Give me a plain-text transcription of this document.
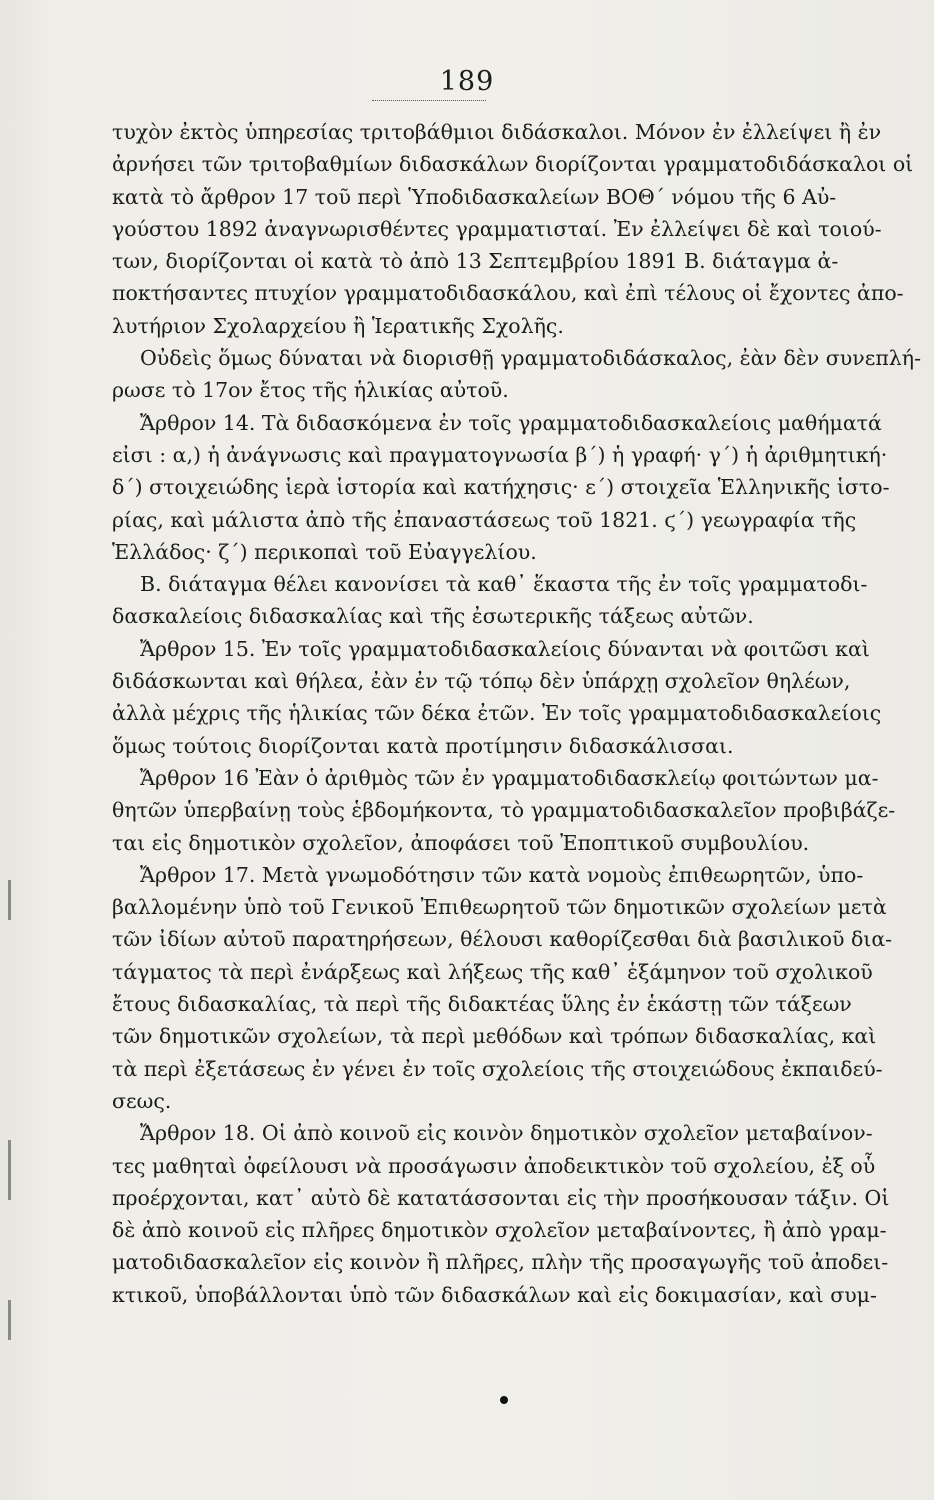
189
τυχὸν ἐκτὸς ὑπηρεσίας τριτοβάθμιοι διδάσκαλοι. Μόνον ἐν ἐλλείψει ἢ ἐν
ἀρνήσει τῶν τριτοβαθμίων διδασκάλων διορίζονται γραμματοδιδάσκαλοι οἱ
κατὰ τὸ ἄρθρον 17 τοῦ περὶ Ὑποδιδασκαλείων ΒΟΘ΄ νόμου τῆς 6 Αὐ-
γούστου 1892 ἀναγνωρισθέντες γραμματισταί. Ἐν ἐλλείψει δὲ καὶ τοιού-
των, διορίζονται οἱ κατὰ τὸ ἀπὸ 13 Σεπτεμβρίου 1891 Β. διάταγμα ἀ-
ποκτήσαντες πτυχίον γραμματοδιδασκάλου, καὶ ἐπὶ τέλους οἱ ἔχοντες ἀπο-
λυτήριον Σχολαρχείου ἢ Ἱερατικῆς Σχολῆς.
Οὐδεὶς ὅμως δύναται νὰ διορισθῇ γραμματοδιδάσκαλος, ἐὰν δὲν συνεπλή-
ρωσε τὸ 17ον ἔτος τῆς ἡλικίας αὐτοῦ.
Ἄρθρον 14. Τὰ διδασκόμενα ἐν τοῖς γραμματοδιδασκαλείοις μαθήματά
εἰσι : α,) ἡ ἀνάγνωσις καὶ πραγματογνωσία β΄) ἡ γραφή· γ΄) ἡ ἀριθμητική·
δ΄) στοιχειώδης ἱερὰ ἱστορία καὶ κατήχησις· ε΄) στοιχεῖα Ἑλληνικῆς ἱστο-
ρίας, καὶ μάλιστα ἀπὸ τῆς ἐπαναστάσεως τοῦ 1821. ϛ΄) γεωγραφία τῆς
Ἑλλάδος· ζ΄) περικοπαὶ τοῦ Εὐαγγελίου.
Β. διάταγμα θέλει κανονίσει τὰ καθ᾽ ἕκαστα τῆς ἐν τοῖς γραμματοδι-
δασκαλείοις διδασκαλίας καὶ τῆς ἐσωτερικῆς τάξεως αὐτῶν.
Ἄρθρον 15. Ἐν τοῖς γραμματοδιδασκαλείοις δύνανται νὰ φοιτῶσι καὶ
διδάσκωνται καὶ θήλεα, ἐὰν ἐν τῷ τόπῳ δὲν ὑπάρχῃ σχολεῖον θηλέων,
ἀλλὰ μέχρις τῆς ἡλικίας τῶν δέκα ἐτῶν. Ἐν τοῖς γραμματοδιδασκαλείοις
ὅμως τούτοις διορίζονται κατὰ προτίμησιν διδασκάλισσαι.
Ἄρθρον 16 Ἐὰν ὁ ἀριθμὸς τῶν ἐν γραμματοδιδασκλείῳ φοιτώντων μα-
θητῶν ὑπερβαίνῃ τοὺς ἑβδομήκοντα, τὸ γραμματοδιδασκαλεῖον προβιβάζε-
ται εἰς δημοτικὸν σχολεῖον, ἀποφάσει τοῦ Ἐποπτικοῦ συμβουλίου.
Ἄρθρον 17. Μετὰ γνωμοδότησιν τῶν κατὰ νομοὺς ἐπιθεωρητῶν, ὑπο-
βαλλομένην ὑπὸ τοῦ Γενικοῦ Ἐπιθεωρητοῦ τῶν δημοτικῶν σχολείων μετὰ
τῶν ἰδίων αὐτοῦ παρατηρήσεων, θέλουσι καθορίζεσθαι διὰ βασιλικοῦ δια-
τάγματος τὰ περὶ ἐνάρξεως καὶ λήξεως τῆς καθ᾽ ἑξάμηνον τοῦ σχολικοῦ
ἔτους διδασκαλίας, τὰ περὶ τῆς διδακτέας ὕλης ἐν ἑκάστῃ τῶν τάξεων
τῶν δημοτικῶν σχολείων, τὰ περὶ μεθόδων καὶ τρόπων διδασκαλίας, καὶ
τὰ περὶ ἐξετάσεως ἐν γένει ἐν τοῖς σχολείοις τῆς στοιχειώδους ἐκπαιδεύ-
σεως.
Ἄρθρον 18. Οἱ ἀπὸ κοινοῦ εἰς κοινὸν δημοτικὸν σχολεῖον μεταβαίνον-
τες μαθηταὶ ὀφείλουσι νὰ προσάγωσιν ἀποδεικτικὸν τοῦ σχολείου, ἐξ οὗ
προέρχονται, κατ᾽ αὐτὸ δὲ κατατάσσονται εἰς τὴν προσήκουσαν τάξιν. Οἱ
δὲ ἀπὸ κοινοῦ εἰς πλῆρες δημοτικὸν σχολεῖον μεταβαίνοντες, ἢ ἀπὸ γραμ-
ματοδιδασκαλεῖον εἰς κοινὸν ἢ πλῆρες, πλὴν τῆς προσαγωγῆς τοῦ ἀποδει-
κτικοῦ, ὑποβάλλονται ὑπὸ τῶν διδασκάλων καὶ εἰς δοκιμασίαν, καὶ συμ-
